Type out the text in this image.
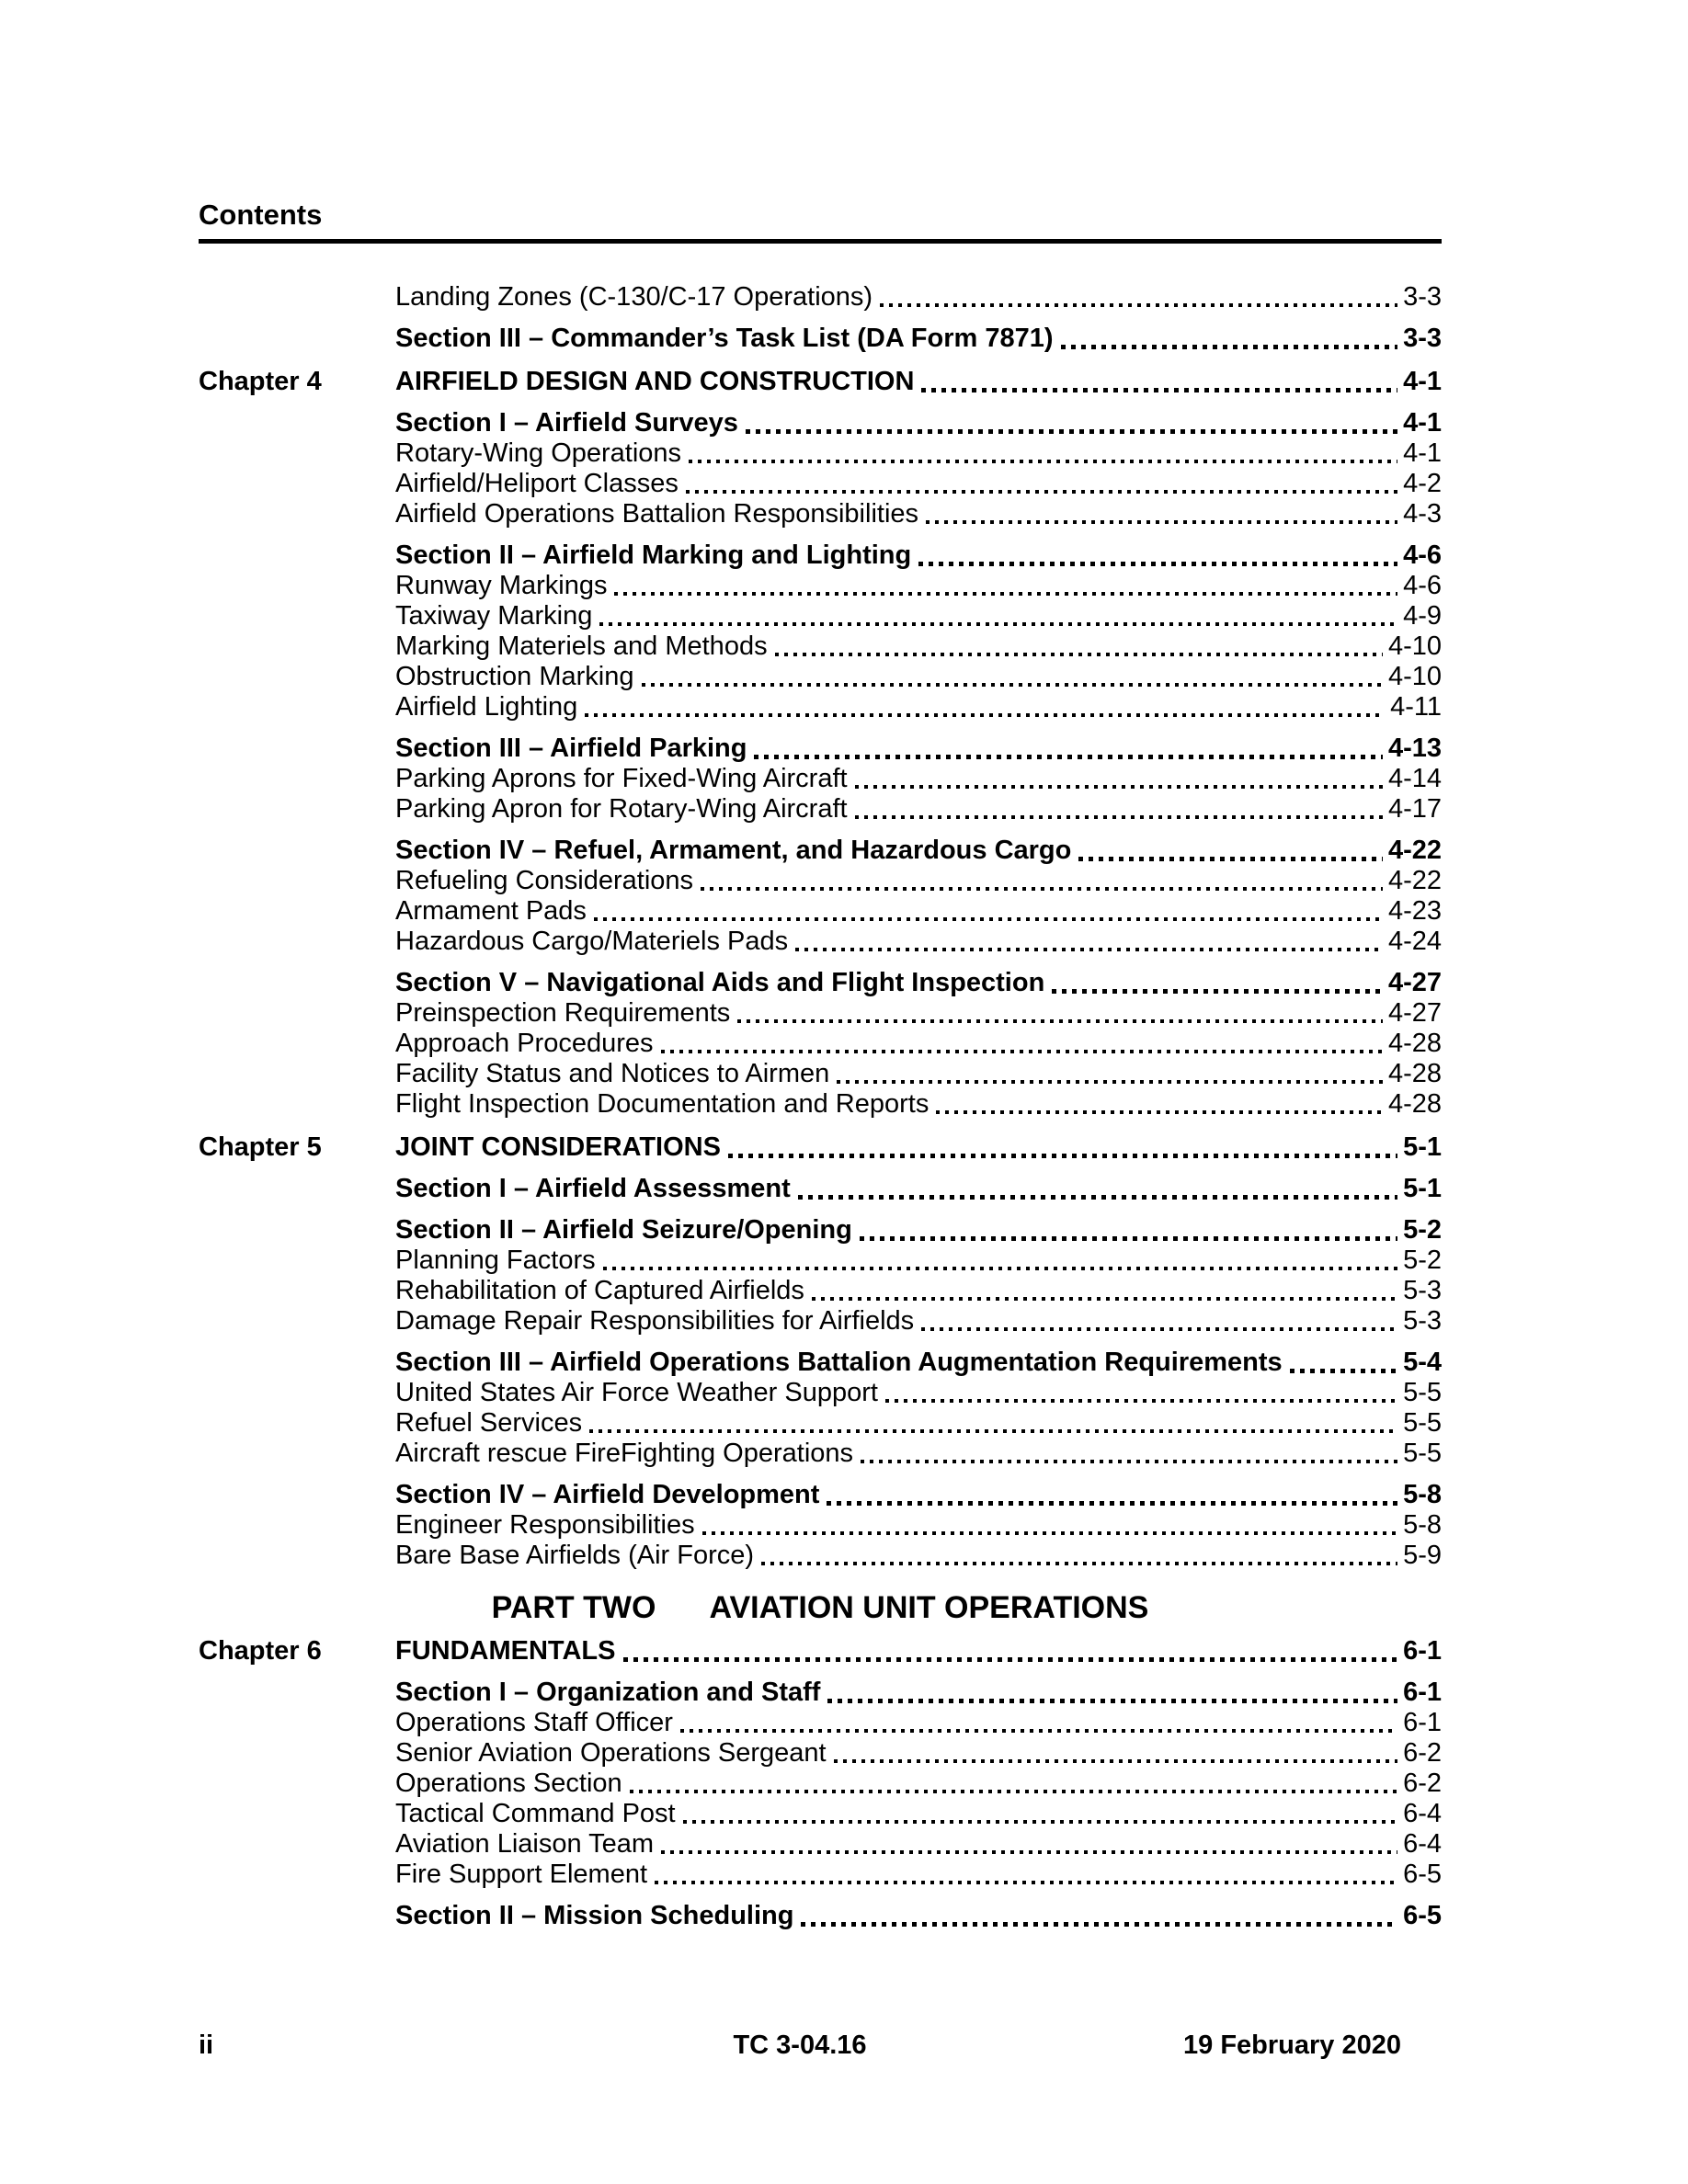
Contents
Landing Zones (C-130/C-17 Operations)	3-3
Section III – Commander’s Task List (DA Form 7871)	3-3
Chapter 4	AIRFIELD DESIGN AND CONSTRUCTION	4-1
Section I – Airfield Surveys	4-1
Rotary-Wing Operations	4-1
Airfield/Heliport Classes	4-2
Airfield Operations Battalion Responsibilities	4-3
Section II – Airfield Marking and Lighting	4-6
Runway Markings	4-6
Taxiway Marking	4-9
Marking Materiels and Methods	4-10
Obstruction Marking	4-10
Airfield Lighting	4-11
Section III – Airfield Parking	4-13
Parking Aprons for Fixed-Wing Aircraft	4-14
Parking Apron for Rotary-Wing Aircraft	4-17
Section IV – Refuel, Armament, and Hazardous Cargo	4-22
Refueling Considerations	4-22
Armament Pads	4-23
Hazardous Cargo/Materiels Pads	4-24
Section V – Navigational Aids and Flight Inspection	4-27
Preinspection Requirements	4-27
Approach Procedures	4-28
Facility Status and Notices to Airmen	4-28
Flight Inspection Documentation and Reports	4-28
Chapter 5	JOINT CONSIDERATIONS	5-1
Section I – Airfield Assessment	5-1
Section II – Airfield Seizure/Opening	5-2
Planning Factors	5-2
Rehabilitation of Captured Airfields	5-3
Damage Repair Responsibilities for Airfields	5-3
Section III – Airfield Operations Battalion Augmentation Requirements	5-4
United States Air Force Weather Support	5-5
Refuel Services	5-5
Aircraft rescue FireFighting Operations	5-5
Section IV – Airfield Development	5-8
Engineer Responsibilities	5-8
Bare Base Airfields (Air Force)	5-9
PART TWO AVIATION UNIT OPERATIONS
Chapter 6	FUNDAMENTALS	6-1
Section I – Organization and Staff	6-1
Operations Staff Officer	6-1
Senior Aviation Operations Sergeant	6-2
Operations Section	6-2
Tactical Command Post	6-4
Aviation Liaison Team	6-4
Fire Support Element	6-5
Section II – Mission Scheduling	6-5
ii	TC 3-04.16	19 February 2020
